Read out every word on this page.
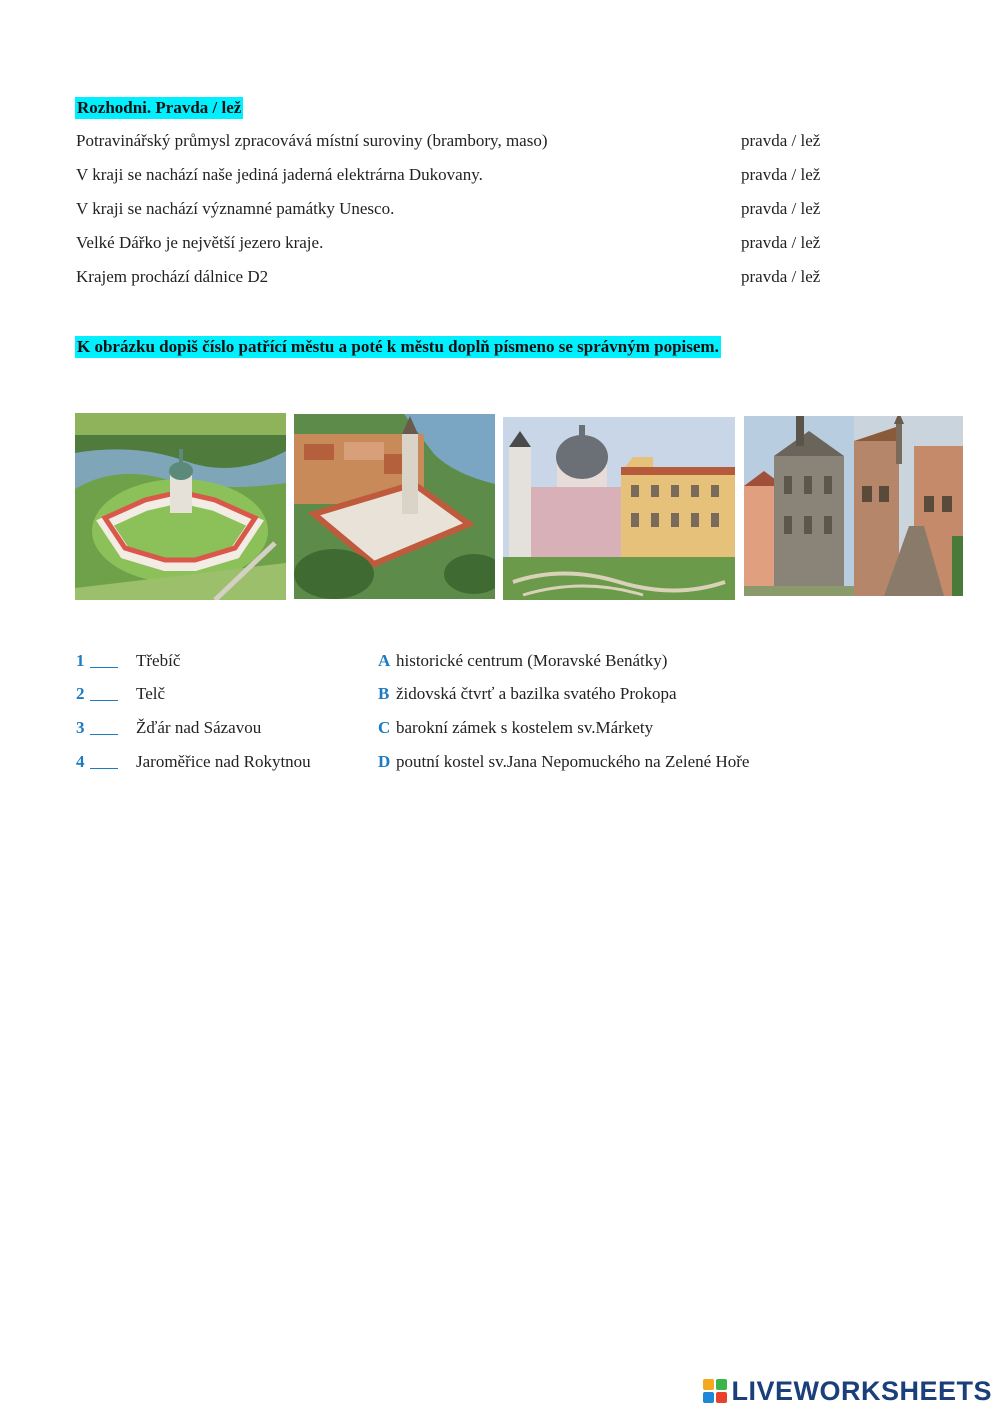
Rozhodni. Pravda / lež
Potravinářský průmysl zpracovává místní suroviny (brambory, maso)	pravda / lež
V kraji se nachází naše jediná jaderná elektrárna Dukovany.	pravda / lež
V kraji se nachází významné památky Unesco.	pravda / lež
Velké Dářko je největší jezero kraje.	pravda / lež
Krajem prochází dálnice D2	pravda / lež
K obrázku dopiš číslo patřící městu a poté k městu doplň písmeno se správným popisem.
1	Třebíč	A historické centrum (Moravské Benátky)
2	Telč	B židovská čtvrť a bazilka svatého Prokopa
3	Žďár nad Sázavou	C barokní zámek s kostelem sv.Márkety
4	Jaroměřice nad Rokytnou	D poutní kostel sv.Jana Nepomuckého na Zelené Hoře
LIVEWORKSHEETS
